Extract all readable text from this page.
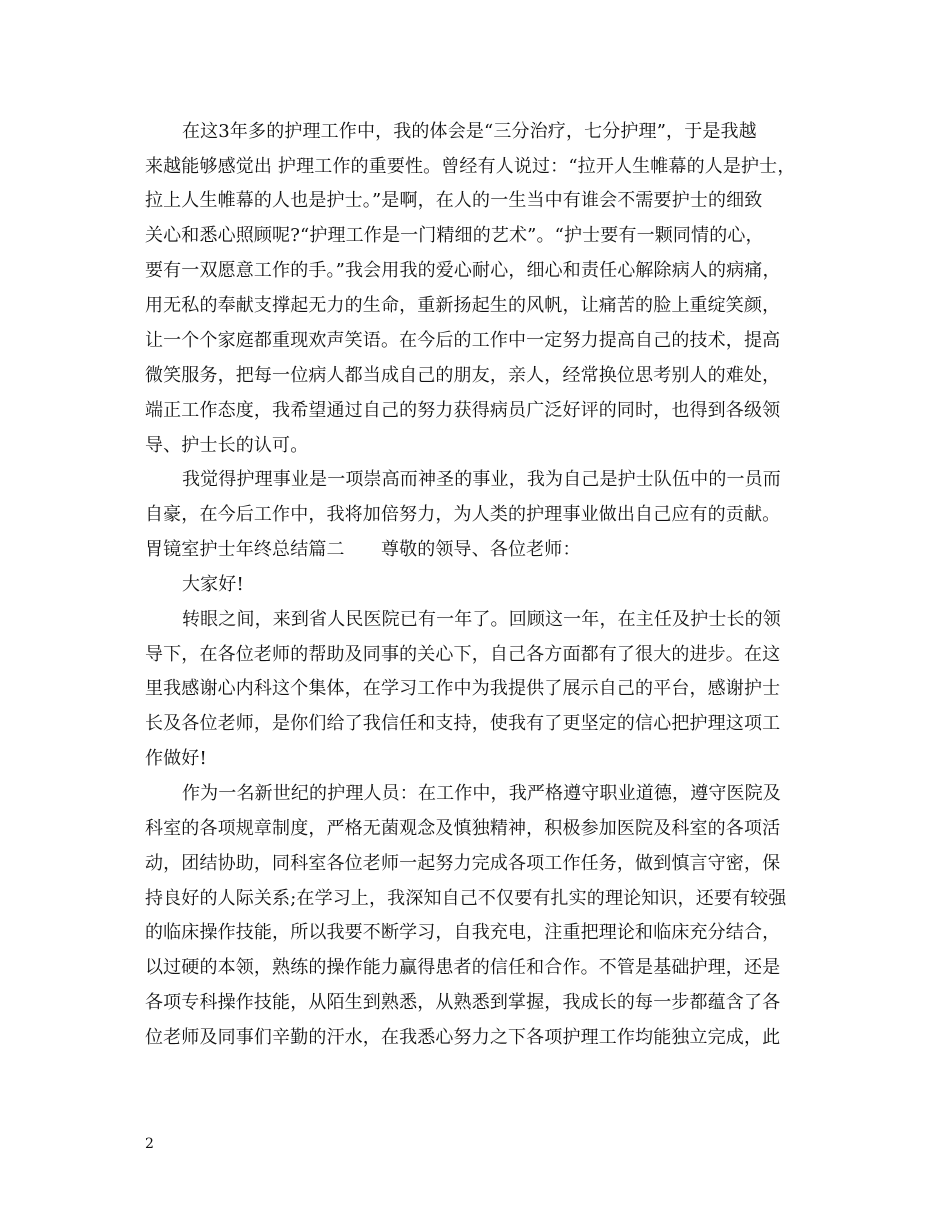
在这3年多的护理工作中，我的体会是“三分治疗，七分护理”，于是我越
来越能够感觉出 护理工作的重要性。曾经有人说过：“拉开人生帷幕的人是护士，
拉上人生帷幕的人也是护士。”是啊，在人的一生当中有谁会不需要护士的细致
关心和悉心照顾呢?“护理工作是一门精细的艺术”。“护士要有一颗同情的心，
要有一双愿意工作的手。”我会用我的爱心耐心，细心和责任心解除病人的病痛，
用无私的奉献支撑起无力的生命，重新扬起生的风帆，让痛苦的脸上重绽笑颜，
让一个个家庭都重现欢声笑语。在今后的工作中一定努力提高自己的技术，提高
微笑服务，把每一位病人都当成自己的朋友，亲人，经常换位思考别人的难处，
端正工作态度，我希望通过自己的努力获得病员广泛好评的同时，也得到各级领
导、护士长的认可。
我觉得护理事业是一项崇高而神圣的事业，我为自己是护士队伍中的一员而
自豪，在今后工作中，我将加倍努力，为人类的护理事业做出自己应有的贡献。
胃镜室护士年终总结篇二　　尊敬的领导、各位老师：
大家好!
转眼之间，来到省人民医院已有一年了。回顾这一年，在主任及护士长的领
导下，在各位老师的帮助及同事的关心下，自己各方面都有了很大的进步。在这
里我感谢心内科这个集体，在学习工作中为我提供了展示自己的平台，感谢护士
长及各位老师，是你们给了我信任和支持，使我有了更坚定的信心把护理这项工
作做好!
作为一名新世纪的护理人员：在工作中，我严格遵守职业道德，遵守医院及
科室的各项规章制度，严格无菌观念及慎独精神，积极参加医院及科室的各项活
动，团结协助，同科室各位老师一起努力完成各项工作任务，做到慎言守密，保
持良好的人际关系;在学习上，我深知自己不仅要有扎实的理论知识，还要有较强
的临床操作技能，所以我要不断学习，自我充电，注重把理论和临床充分结合，
以过硬的本领，熟练的操作能力赢得患者的信任和合作。不管是基础护理，还是
各项专科操作技能，从陌生到熟悉，从熟悉到掌握，我成长的每一步都蕴含了各
位老师及同事们辛勤的汗水，在我悉心努力之下各项护理工作均能独立完成，此
2
